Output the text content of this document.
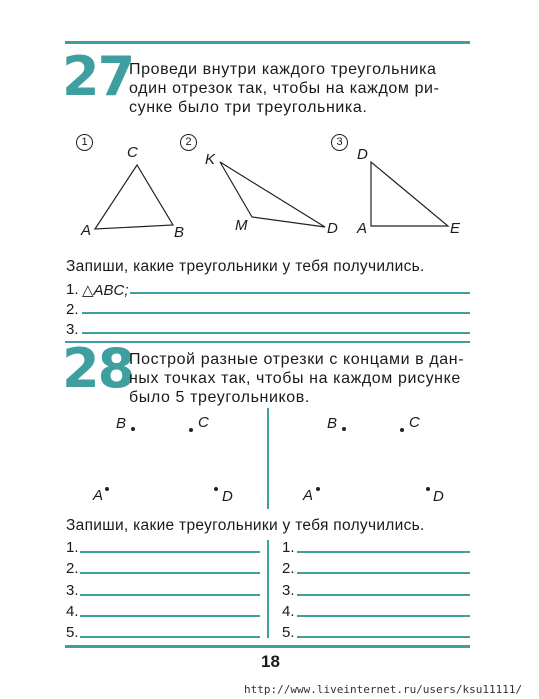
27
Проведи внутри каждого треугольника
один отрезок так, чтобы на каждом ри-
сунке было три треугольника.
1	2	3
C
A	B
K
M	D
D
A	E
Запиши, какие треугольники у тебя получились.
1. △ABC;
2.
3.
28
Построй разные отрезки с концами в дан-
ных точках так, чтобы на каждом рисунке
было 5 треугольников.
B	C
A	D
B	C
A	D
Запиши, какие треугольники у тебя получились.
1.
2.
3.
4.
5.
1.
2.
3.
4.
5.
18
http://www.liveinternet.ru/users/ksu11111/
